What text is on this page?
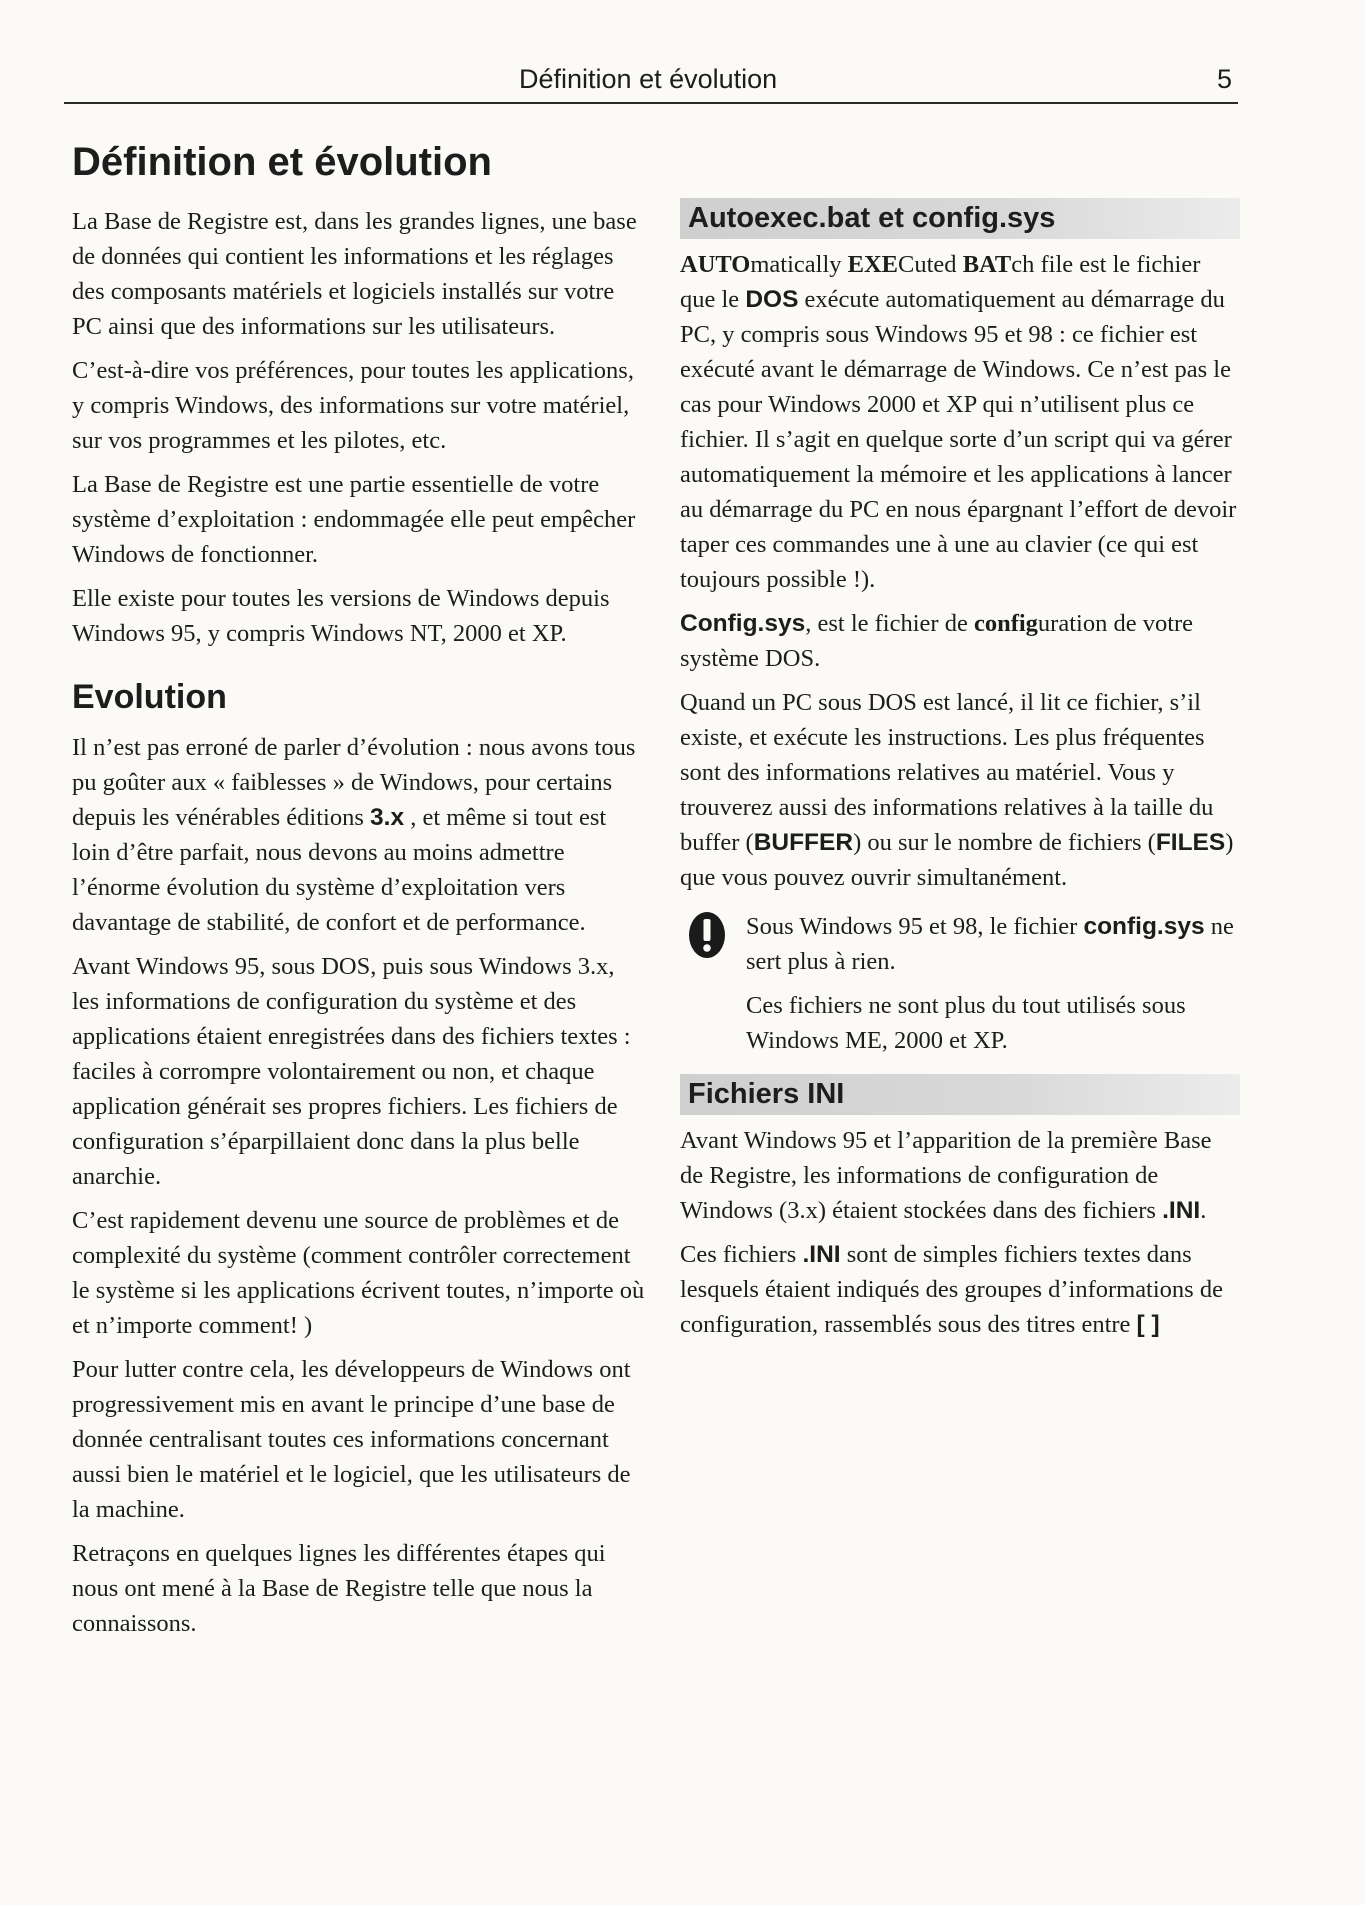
Définition et évolution	5
Définition et évolution

La Base de Registre est, dans les grandes lignes, une base de données qui contient les informations et les réglages des composants matériels et logiciels installés sur votre PC ainsi que des informations sur les utilisateurs.

C’est-à-dire vos préférences, pour toutes les applications, y compris Windows, des informations sur votre matériel, sur vos programmes et les pilotes, etc.

La Base de Registre est une partie essentielle de votre système d’exploitation : endommagée elle peut empêcher Windows de fonctionner.

Elle existe pour toutes les versions de Windows depuis Windows 95, y compris Windows NT, 2000 et XP.

Evolution

Il n’est pas erroné de parler d’évolution : nous avons tous pu goûter aux « faiblesses » de Windows, pour certains depuis les vénérables éditions 3.x , et même si tout est loin d’être parfait, nous devons au moins admettre l’énorme évolution du système d’exploitation vers davantage de stabilité, de confort et de performance.

Avant Windows 95, sous DOS, puis sous Windows 3.x, les informations de configuration du système et des applications étaient enregistrées dans des fichiers textes : faciles à corrompre volontairement ou non, et chaque application générait ses propres fichiers. Les fichiers de configuration s’éparpillaient donc dans la plus belle anarchie.

C’est rapidement devenu une source de problèmes et de complexité du système (comment contrôler correctement le système si les applications écrivent toutes, n’importe où et n’importe comment! )

Pour lutter contre cela, les développeurs de Windows ont progressivement mis en avant le principe d’une base de donnée centralisant toutes ces informations concernant aussi bien le matériel et le logiciel, que les utilisateurs de la machine.

Retraçons en quelques lignes les différentes étapes qui nous ont mené à la Base de Registre telle que nous la connaissons.

Autoexec.bat et config.sys

AUTOmatically EXECuted BATch file est le fichier que le DOS exécute automatiquement au démarrage du PC, y compris sous Windows 95 et 98 : ce fichier est exécuté avant le démarrage de Windows. Ce n’est pas le cas pour Windows 2000 et XP qui n’utilisent plus ce fichier. Il s’agit en quelque sorte d’un script qui va gérer automatiquement la mémoire et les applications à lancer au démarrage du PC en nous épargnant l’effort de devoir taper ces commandes une à une au clavier (ce qui est toujours possible !).

Config.sys, est le fichier de configuration de votre système DOS.

Quand un PC sous DOS est lancé, il lit ce fichier, s’il existe, et exécute les instructions. Les plus fréquentes sont des informations relatives au matériel. Vous y trouverez aussi des informations relatives à la taille du buffer (BUFFER) ou sur le nombre de fichiers (FILES) que vous pouvez ouvrir simultanément.

Sous Windows 95 et 98, le fichier config.sys ne sert plus à rien.

Ces fichiers ne sont plus du tout utilisés sous Windows ME, 2000 et XP.

Fichiers INI

Avant Windows 95 et l’apparition de la première Base de Registre, les informations de configuration de Windows (3.x) étaient stockées dans des fichiers .INI.

Ces fichiers .INI sont de simples fichiers textes dans lesquels étaient indiqués des groupes d’informations de configuration, rassemblés sous des titres entre [ ]
